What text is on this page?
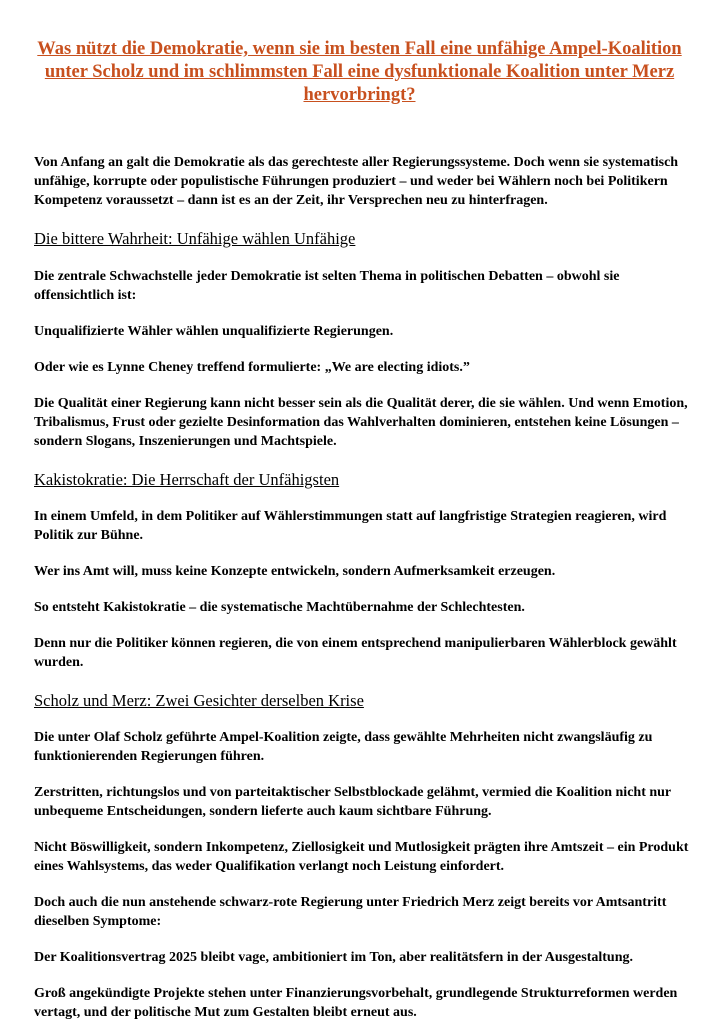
Was nützt die Demokratie, wenn sie im besten Fall eine unfähige Ampel-Koalition unter Scholz und im schlimmsten Fall eine dysfunktionale Koalition unter Merz hervorbringt?

Von Anfang an galt die Demokratie als das gerechteste aller Regierungssysteme. Doch wenn sie systematisch unfähige, korrupte oder populistische Führungen produziert – und weder bei Wählern noch bei Politikern Kompetenz voraussetzt – dann ist es an der Zeit, ihr Versprechen neu zu hinterfragen.

Die bittere Wahrheit: Unfähige wählen Unfähige

Die zentrale Schwachstelle jeder Demokratie ist selten Thema in politischen Debatten – obwohl sie offensichtlich ist:

Unqualifizierte Wähler wählen unqualifizierte Regierungen.

Oder wie es Lynne Cheney treffend formulierte: „We are electing idiots.”

Die Qualität einer Regierung kann nicht besser sein als die Qualität derer, die sie wählen. Und wenn Emotion, Tribalismus, Frust oder gezielte Desinformation das Wahlverhalten dominieren, entstehen keine Lösungen – sondern Slogans, Inszenierungen und Machtspiele.

Kakistokratie: Die Herrschaft der Unfähigsten

In einem Umfeld, in dem Politiker auf Wählerstimmungen statt auf langfristige Strategien reagieren, wird Politik zur Bühne.

Wer ins Amt will, muss keine Konzepte entwickeln, sondern Aufmerksamkeit erzeugen.

So entsteht Kakistokratie – die systematische Machtübernahme der Schlechtesten.

Denn nur die Politiker können regieren, die von einem entsprechend manipulierbaren Wählerblock gewählt wurden.

Scholz und Merz: Zwei Gesichter derselben Krise

Die unter Olaf Scholz geführte Ampel-Koalition zeigte, dass gewählte Mehrheiten nicht zwangsläufig zu funktionierenden Regierungen führen.

Zerstritten, richtungslos und von parteitaktischer Selbstblockade gelähmt, vermied die Koalition nicht nur unbequeme Entscheidungen, sondern lieferte auch kaum sichtbare Führung.

Nicht Böswilligkeit, sondern Inkompetenz, Ziellosigkeit und Mutlosigkeit prägten ihre Amtszeit – ein Produkt eines Wahlsystems, das weder Qualifikation verlangt noch Leistung einfordert.

Doch auch die nun anstehende schwarz-rote Regierung unter Friedrich Merz zeigt bereits vor Amtsantritt dieselben Symptome:

Der Koalitionsvertrag 2025 bleibt vage, ambitioniert im Ton, aber realitätsfern in der Ausgestaltung.

Groß angekündigte Projekte stehen unter Finanzierungsvorbehalt, grundlegende Strukturreformen werden vertagt, und der politische Mut zum Gestalten bleibt erneut aus.
